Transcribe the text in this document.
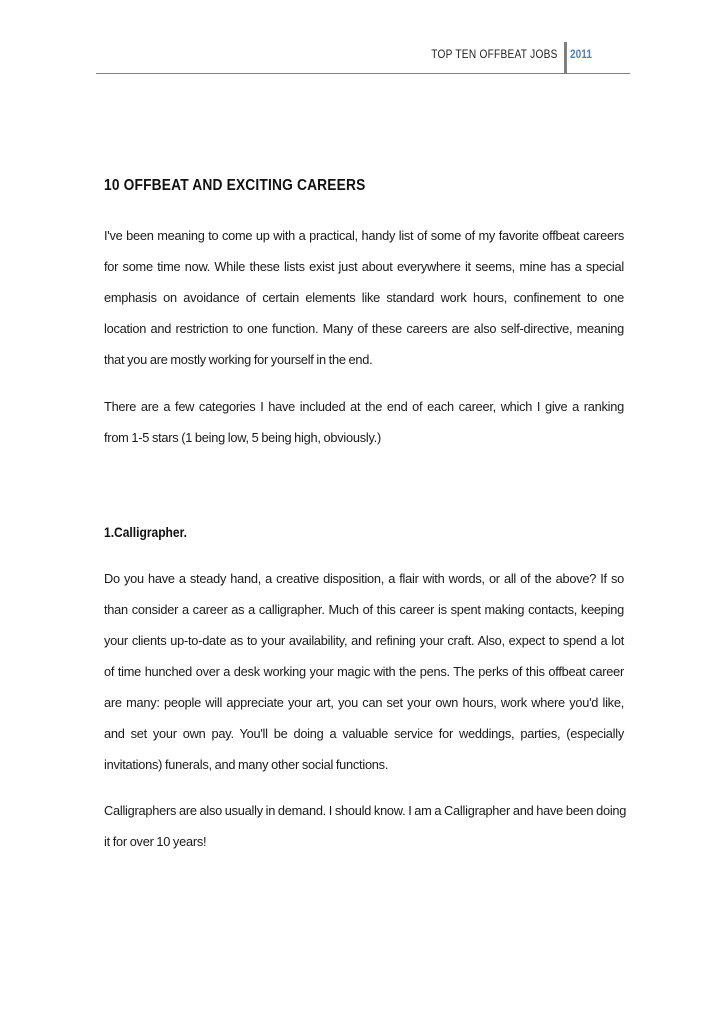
TOP TEN OFFBEAT JOBS 2011
10 OFFBEAT AND EXCITING CAREERS
I've been meaning to come up with a practical, handy list of some of my favorite offbeat careers
for some time now. While these lists exist just about everywhere it seems, mine has a special
emphasis on avoidance of certain elements like standard work hours, confinement to one
location and restriction to one function. Many of these careers are also self-directive, meaning
that you are mostly working for yourself in the end.
There are a few categories I have included at the end of each career, which I give a ranking
from 1-5 stars (1 being low, 5 being high, obviously.)
1.Calligrapher.
Do you have a steady hand, a creative disposition, a flair with words, or all of the above? If so
than consider a career as a calligrapher. Much of this career is spent making contacts, keeping
your clients up-to-date as to your availability, and refining your craft. Also, expect to spend a lot
of time hunched over a desk working your magic with the pens. The perks of this offbeat career
are many: people will appreciate your art, you can set your own hours, work where you'd like,
and set your own pay. You'll be doing a valuable service for weddings, parties, (especially
invitations) funerals, and many other social functions.
Calligraphers are also usually in demand. I should know. I am a Calligrapher and have been doing
it for over 10 years!
